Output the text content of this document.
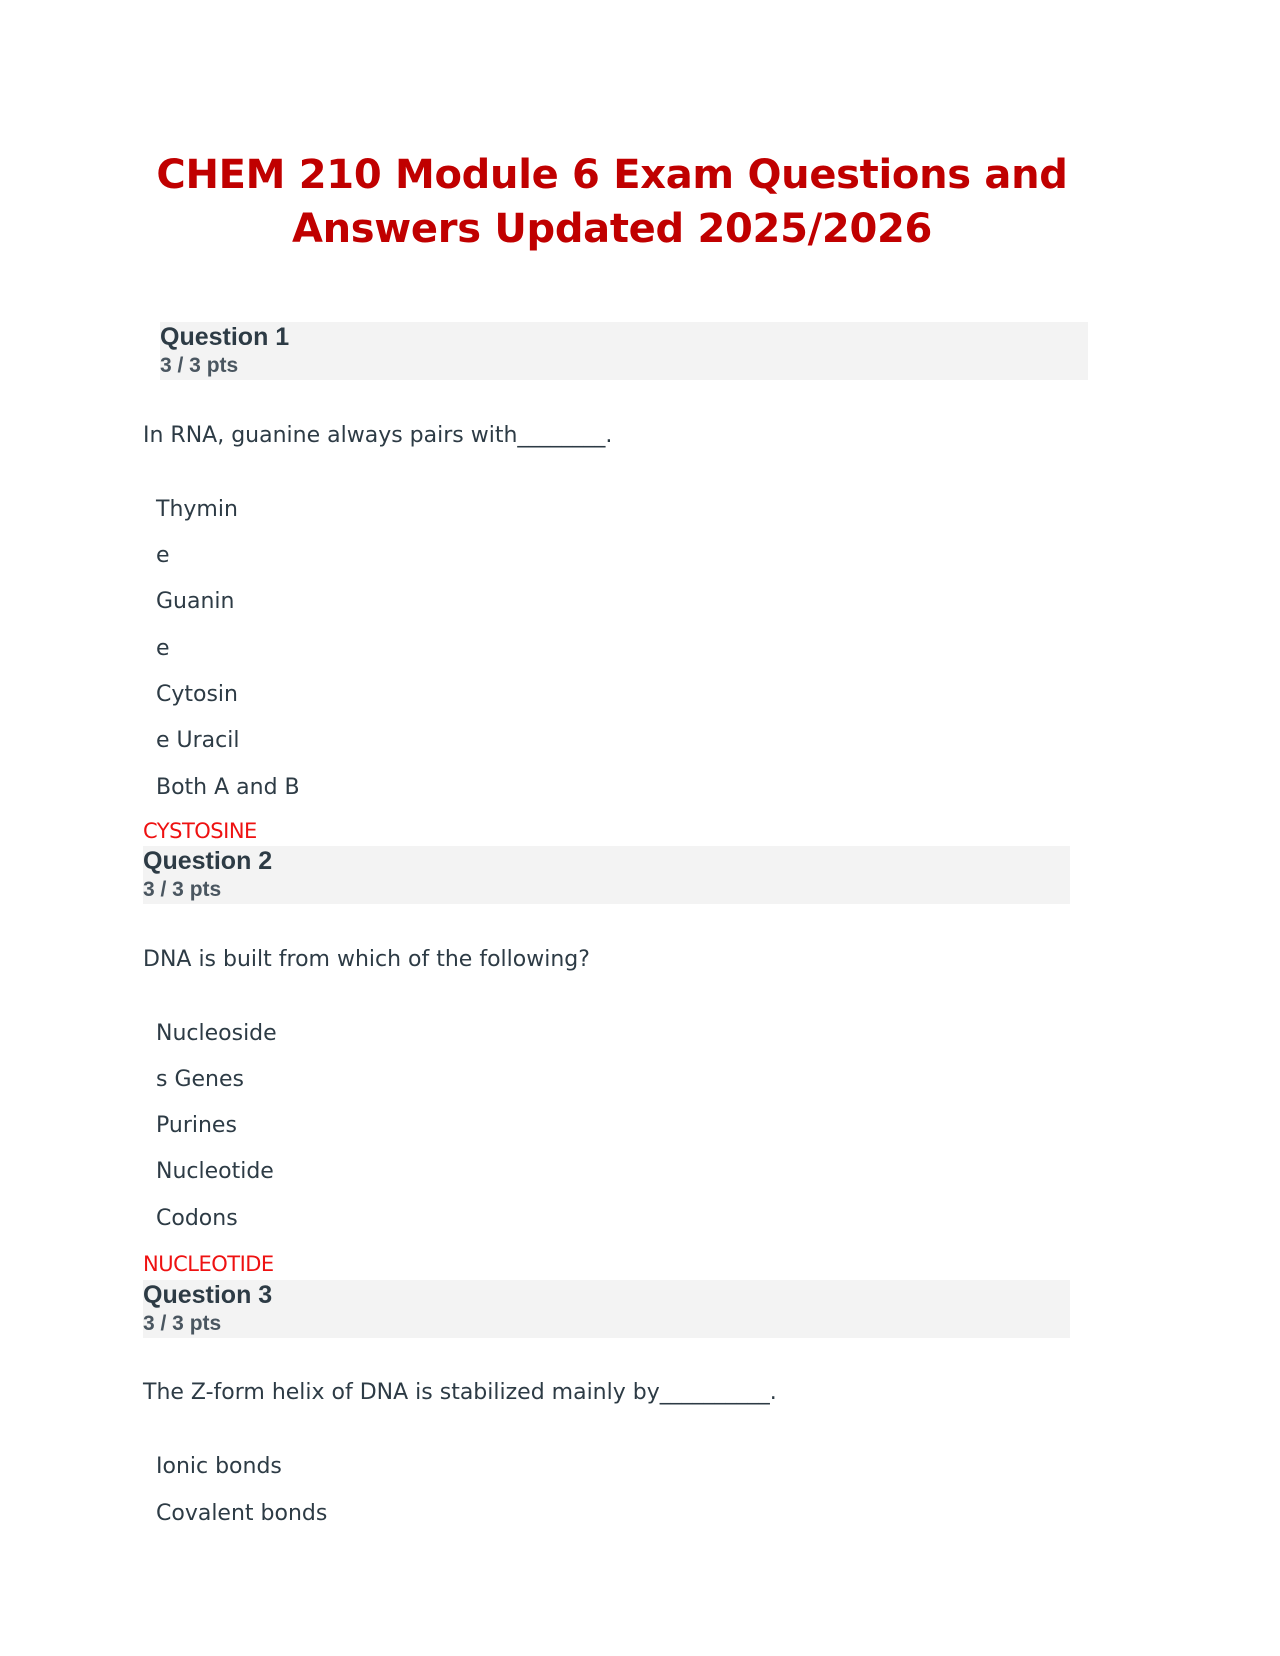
CHEM 210 Module 6 Exam Questions and
Answers Updated 2025/2026
Question 1
3 / 3 pts
In RNA, guanine always pairs with________.
Thymin
e
Guanin
e
Cytosin
e Uracil
Both A and B
CYSTOSINE
Question 2
3 / 3 pts
DNA is built from which of the following?
Nucleoside
s Genes
Purines
Nucleotide
Codons
NUCLEOTIDE
Question 3
3 / 3 pts
The Z-form helix of DNA is stabilized mainly by__________.
Ionic bonds
Covalent bonds
